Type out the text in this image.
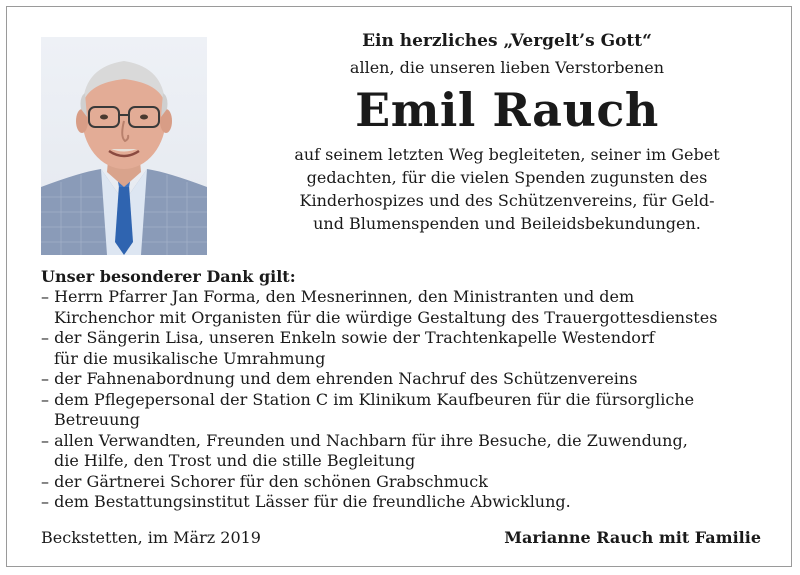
Ein herzliches „Vergelt’s Gott“
allen, die unseren lieben Verstorbenen
Emil Rauch
auf seinem letzten Weg begleiteten, seiner im Gebet
gedachten, für die vielen Spenden zugunsten des
Kinderhospizes und des Schützenvereins, für Geld-
und Blumenspenden und Beileidsbekundungen.
Unser besonderer Dank gilt:
– Herrn Pfarrer Jan Forma, den Mesnerinnen, den Ministranten und dem
Kirchenchor mit Organisten für die würdige Gestaltung des Trauergottesdienstes
– der Sängerin Lisa, unseren Enkeln sowie der Trachtenkapelle Westendorf
für die musikalische Umrahmung
– der Fahnenabordnung und dem ehrenden Nachruf des Schützenvereins
– dem Pflegepersonal der Station C im Klinikum Kaufbeuren für die fürsorgliche
Betreuung
– allen Verwandten, Freunden und Nachbarn für ihre Besuche, die Zuwendung,
die Hilfe, den Trost und die stille Begleitung
– der Gärtnerei Schorer für den schönen Grabschmuck
– dem Bestattungsinstitut Lässer für die freundliche Abwicklung.
Beckstetten, im März 2019	Marianne Rauch mit Familie
